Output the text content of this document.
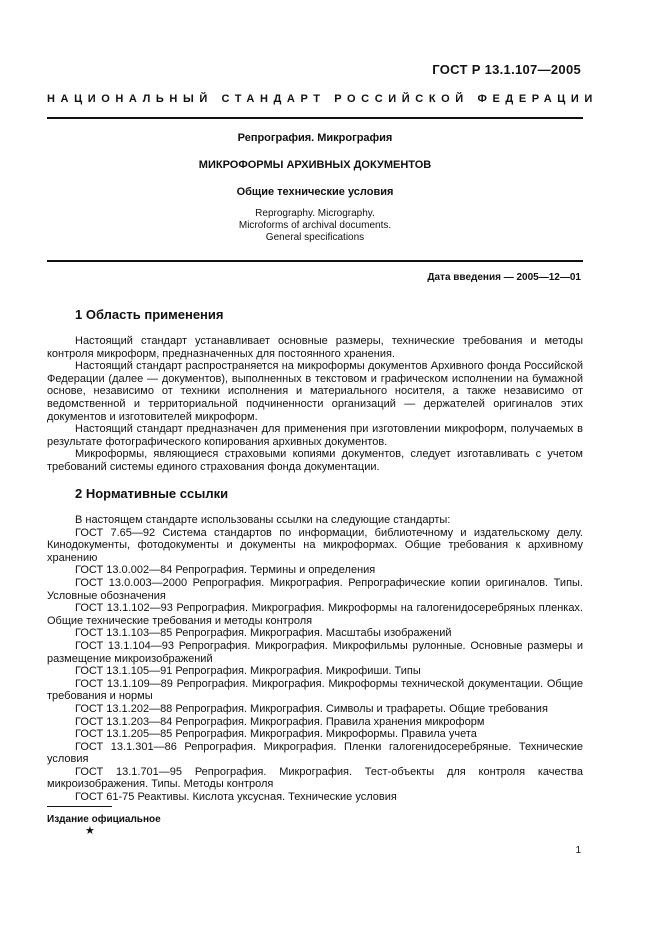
ГОСТ Р 13.1.107—2005
НАЦИОНАЛЬНЫЙ СТАНДАРТ РОССИЙСКОЙ ФЕДЕРАЦИИ
Репрография. Микрография
МИКРОФОРМЫ АРХИВНЫХ ДОКУМЕНТОВ
Общие технические условия
Reprography. Micrography.
Microforms of archival documents.
General specifications
Дата введения — 2005—12—01
1 Область применения

Настоящий стандарт устанавливает основные размеры, технические требования и методы контроля микроформ, предназначенных для постоянного хранения.

Настоящий стандарт распространяется на микроформы документов Архивного фонда Российской Федерации (далее — документов), выполненных в текстовом и графическом исполнении на бумажной основе, независимо от техники исполнения и материального носителя, а также независимо от ведомственной и территориальной подчиненности организаций — держателей оригиналов этих документов и изготовителей микроформ.

Настоящий стандарт предназначен для применения при изготовлении микроформ, получаемых в результате фотографического копирования архивных документов.

Микроформы, являющиеся страховыми копиями документов, следует изготавливать с учетом требований системы единого страхования фонда документации.

2 Нормативные ссылки

В настоящем стандарте использованы ссылки на следующие стандарты:

ГОСТ 7.65—92 Система стандартов по информации, библиотечному и издательскому делу. Кинодокументы, фотодокументы и документы на микроформах. Общие требования к архивному хранению

ГОСТ 13.0.002—84 Репрография. Термины и определения

ГОСТ 13.0.003—2000 Репрография. Микрография. Репрографические копии оригиналов. Типы. Условные обозначения

ГОСТ 13.1.102—93 Репрография. Микрография. Микроформы на галогенидосеребряных пленках. Общие технические требования и методы контроля

ГОСТ 13.1.103—85 Репрография. Микрография. Масштабы изображений

ГОСТ 13.1.104—93 Репрография. Микрография. Микрофильмы рулонные. Основные размеры и размещение микроизображений

ГОСТ 13.1.105—91 Репрография. Микрография. Микрофиши. Типы

ГОСТ 13.1.109—89 Репрография. Микрография. Микроформы технической документации. Общие требования и нормы

ГОСТ 13.1.202—88 Репрография. Микрография. Символы и трафареты. Общие требования

ГОСТ 13.1.203—84 Репрография. Микрография. Правила хранения микроформ

ГОСТ 13.1.205—85 Репрография. Микрография. Микроформы. Правила учета

ГОСТ 13.1.301—86 Репрография. Микрография. Пленки галогенидосеребряные. Технические условия

ГОСТ 13.1.701—95 Репрография. Микрография. Тест-объекты для контроля качества микроизображения. Типы. Методы контроля

ГОСТ 61-75 Реактивы. Кислота уксусная. Технические условия

Издание официальное
★
1
